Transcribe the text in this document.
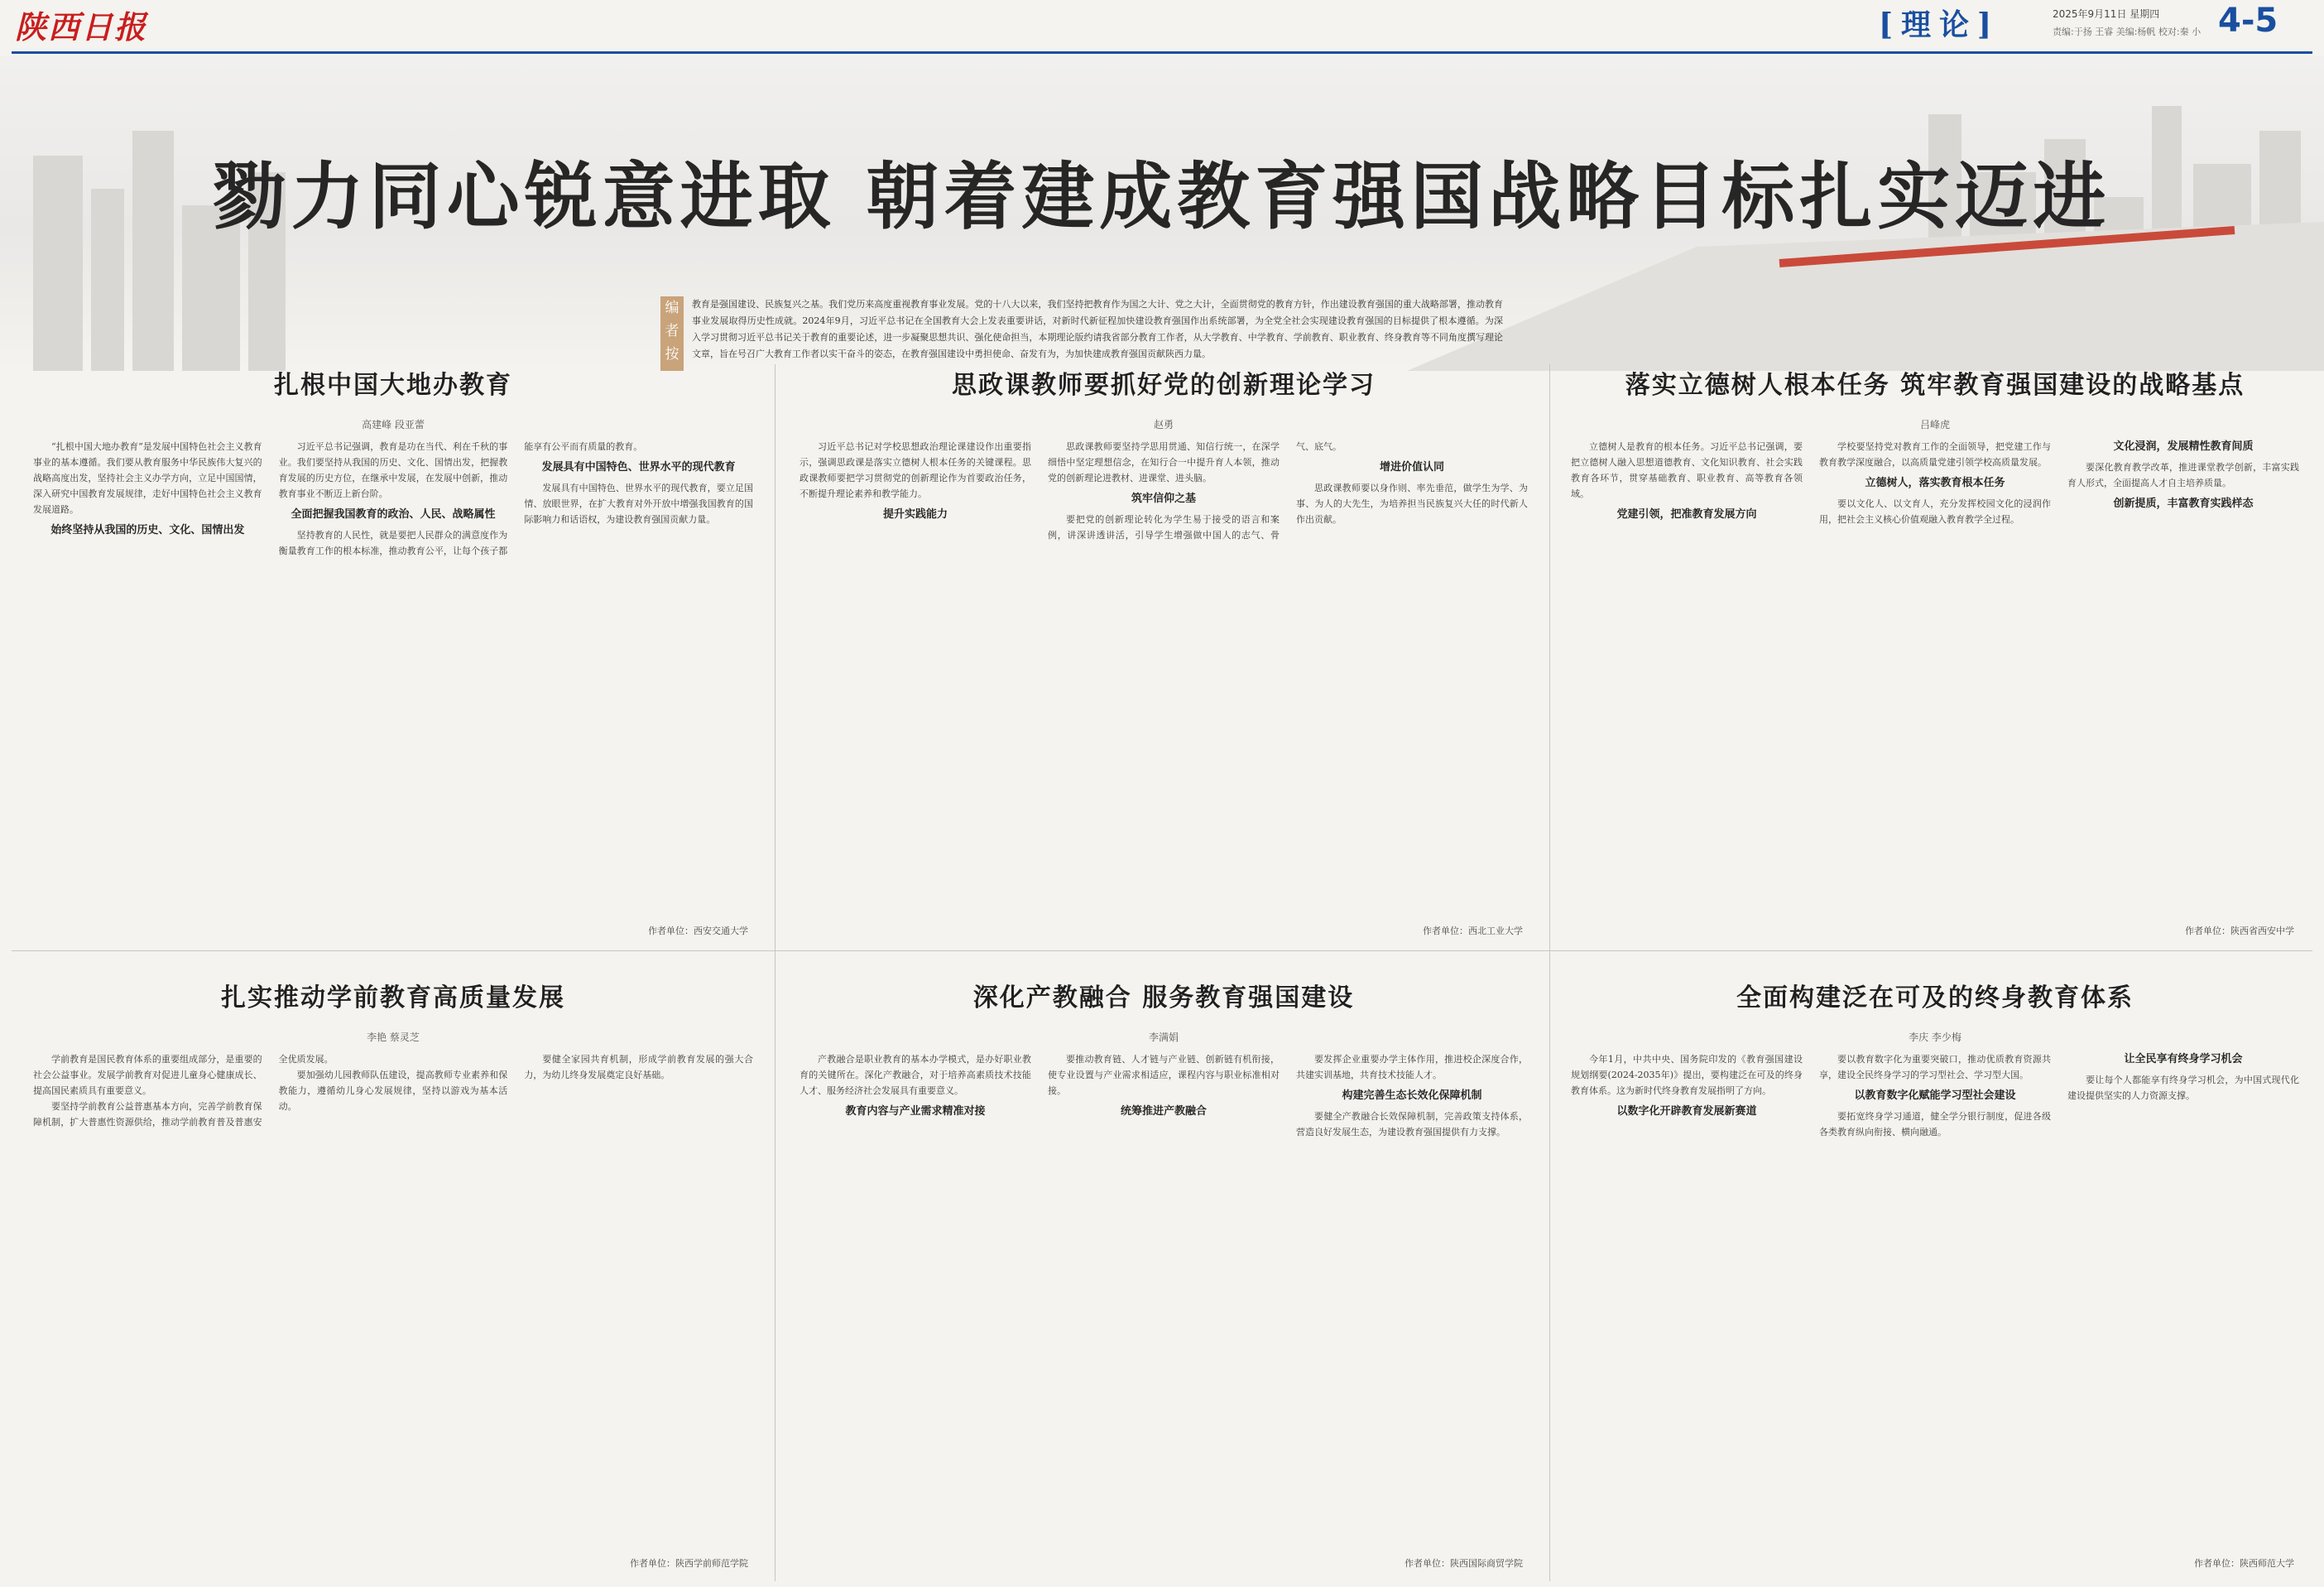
陕西日报	[理论]	2025年9月11日 星期四
责编:于扬 王睿 美编:杨帆 校对:秦 小 4-5
勠力同心锐意进取 朝着建成教育强国战略目标扎实迈进
编者按
教育是强国建设、民族复兴之基。我们党历来高度重视教育事业发展。党的十八大以来，我们坚持把教育作为国之大计、党之大计，全面贯彻党的教育方针，作出建设教育强国的重大战略部署，推动教育事业发展取得历史性成就。2024年9月，习近平总书记在全国教育大会上发表重要讲话，对新时代新征程加快建设教育强国作出系统部署，为全党全社会实现建设教育强国的目标提供了根本遵循。为深入学习贯彻习近平总书记关于教育的重要论述，进一步凝聚思想共识、强化使命担当，本期理论版约请我省部分教育工作者，从大学教育、中学教育、学前教育、职业教育、终身教育等不同角度撰写理论文章，旨在号召广大教育工作者以实干奋斗的姿态，在教育强国建设中勇担使命、奋发有为，为加快建成教育强国贡献陕西力量。
扎根中国大地办教育
高建峰 段亚蕾

“扎根中国大地办教育”是发展中国特色社会主义教育事业的基本遵循。我们要从教育服务中华民族伟大复兴的战略高度出发，坚持社会主义办学方向，立足中国国情，深入研究中国教育发展规律，走好中国特色社会主义教育发展道路。

始终坚持从我国的历史、文化、国情出发

习近平总书记强调，教育是功在当代、利在千秋的事业。我们要坚持从我国的历史、文化、国情出发，把握教育发展的历史方位，在继承中发展，在发展中创新，推动教育事业不断迈上新台阶。

全面把握我国教育的政治、人民、战略属性

坚持教育的人民性，就是要把人民群众的满意度作为衡量教育工作的根本标准，推动教育公平，让每个孩子都能享有公平而有质量的教育。

发展具有中国特色、世界水平的现代教育

发展具有中国特色、世界水平的现代教育，要立足国情、放眼世界，在扩大教育对外开放中增强我国教育的国际影响力和话语权，为建设教育强国贡献力量。

作者单位：西安交通大学
思政课教师要抓好党的创新理论学习
赵勇

习近平总书记对学校思想政治理论课建设作出重要指示，强调思政课是落实立德树人根本任务的关键课程。思政课教师要把学习贯彻党的创新理论作为首要政治任务，不断提升理论素养和教学能力。

提升实践能力

思政课教师要坚持学思用贯通、知信行统一，在深学细悟中坚定理想信念，在知行合一中提升育人本领，推动党的创新理论进教材、进课堂、进头脑。

筑牢信仰之基

要把党的创新理论转化为学生易于接受的语言和案例，讲深讲透讲活，引导学生增强做中国人的志气、骨气、底气。

增进价值认同

思政课教师要以身作则、率先垂范，做学生为学、为事、为人的大先生，为培养担当民族复兴大任的时代新人作出贡献。

作者单位：西北工业大学
落实立德树人根本任务 筑牢教育强国建设的战略基点
吕峰虎

立德树人是教育的根本任务。习近平总书记强调，要把立德树人融入思想道德教育、文化知识教育、社会实践教育各环节，贯穿基础教育、职业教育、高等教育各领域。

党建引领，把准教育发展方向

学校要坚持党对教育工作的全面领导，把党建工作与教育教学深度融合，以高质量党建引领学校高质量发展。

立德树人，落实教育根本任务

要以文化人、以文育人，充分发挥校园文化的浸润作用，把社会主义核心价值观融入教育教学全过程。

文化浸润，发展精性教育间质

要深化教育教学改革，推进课堂教学创新，丰富实践育人形式，全面提高人才自主培养质量。

创新提质，丰富教育实践样态
作者单位：陕西省西安中学
扎实推动学前教育高质量发展
李艳 蔡灵芝

学前教育是国民教育体系的重要组成部分，是重要的社会公益事业。发展学前教育对促进儿童身心健康成长、提高国民素质具有重要意义。

要坚持学前教育公益普惠基本方向，完善学前教育保障机制，扩大普惠性资源供给，推动学前教育普及普惠安全优质发展。

要加强幼儿园教师队伍建设，提高教师专业素养和保教能力，遵循幼儿身心发展规律，坚持以游戏为基本活动。

要健全家园共育机制，形成学前教育发展的强大合力，为幼儿终身发展奠定良好基础。

作者单位：陕西学前师范学院
深化产教融合 服务教育强国建设
李满娟

产教融合是职业教育的基本办学模式，是办好职业教育的关键所在。深化产教融合，对于培养高素质技术技能人才、服务经济社会发展具有重要意义。

教育内容与产业需求精准对接

要推动教育链、人才链与产业链、创新链有机衔接，使专业设置与产业需求相适应，课程内容与职业标准相对接。

统筹推进产教融合

要发挥企业重要办学主体作用，推进校企深度合作，共建实训基地，共育技术技能人才。

构建完善生态长效化保障机制

要健全产教融合长效保障机制，完善政策支持体系，营造良好发展生态，为建设教育强国提供有力支撑。

作者单位：陕西国际商贸学院
全面构建泛在可及的终身教育体系
李庆 李少梅

今年1月，中共中央、国务院印发的《教育强国建设规划纲要(2024-2035年)》提出，要构建泛在可及的终身教育体系。这为新时代终身教育发展指明了方向。

以数字化开辟教育发展新赛道

要以教育数字化为重要突破口，推动优质教育资源共享，建设全民终身学习的学习型社会、学习型大国。

以教育数字化赋能学习型社会建设

要拓宽终身学习通道，健全学分银行制度，促进各级各类教育纵向衔接、横向融通。

让全民享有终身学习机会

要让每个人都能享有终身学习机会，为中国式现代化建设提供坚实的人力资源支撑。

作者单位：陕西师范大学
